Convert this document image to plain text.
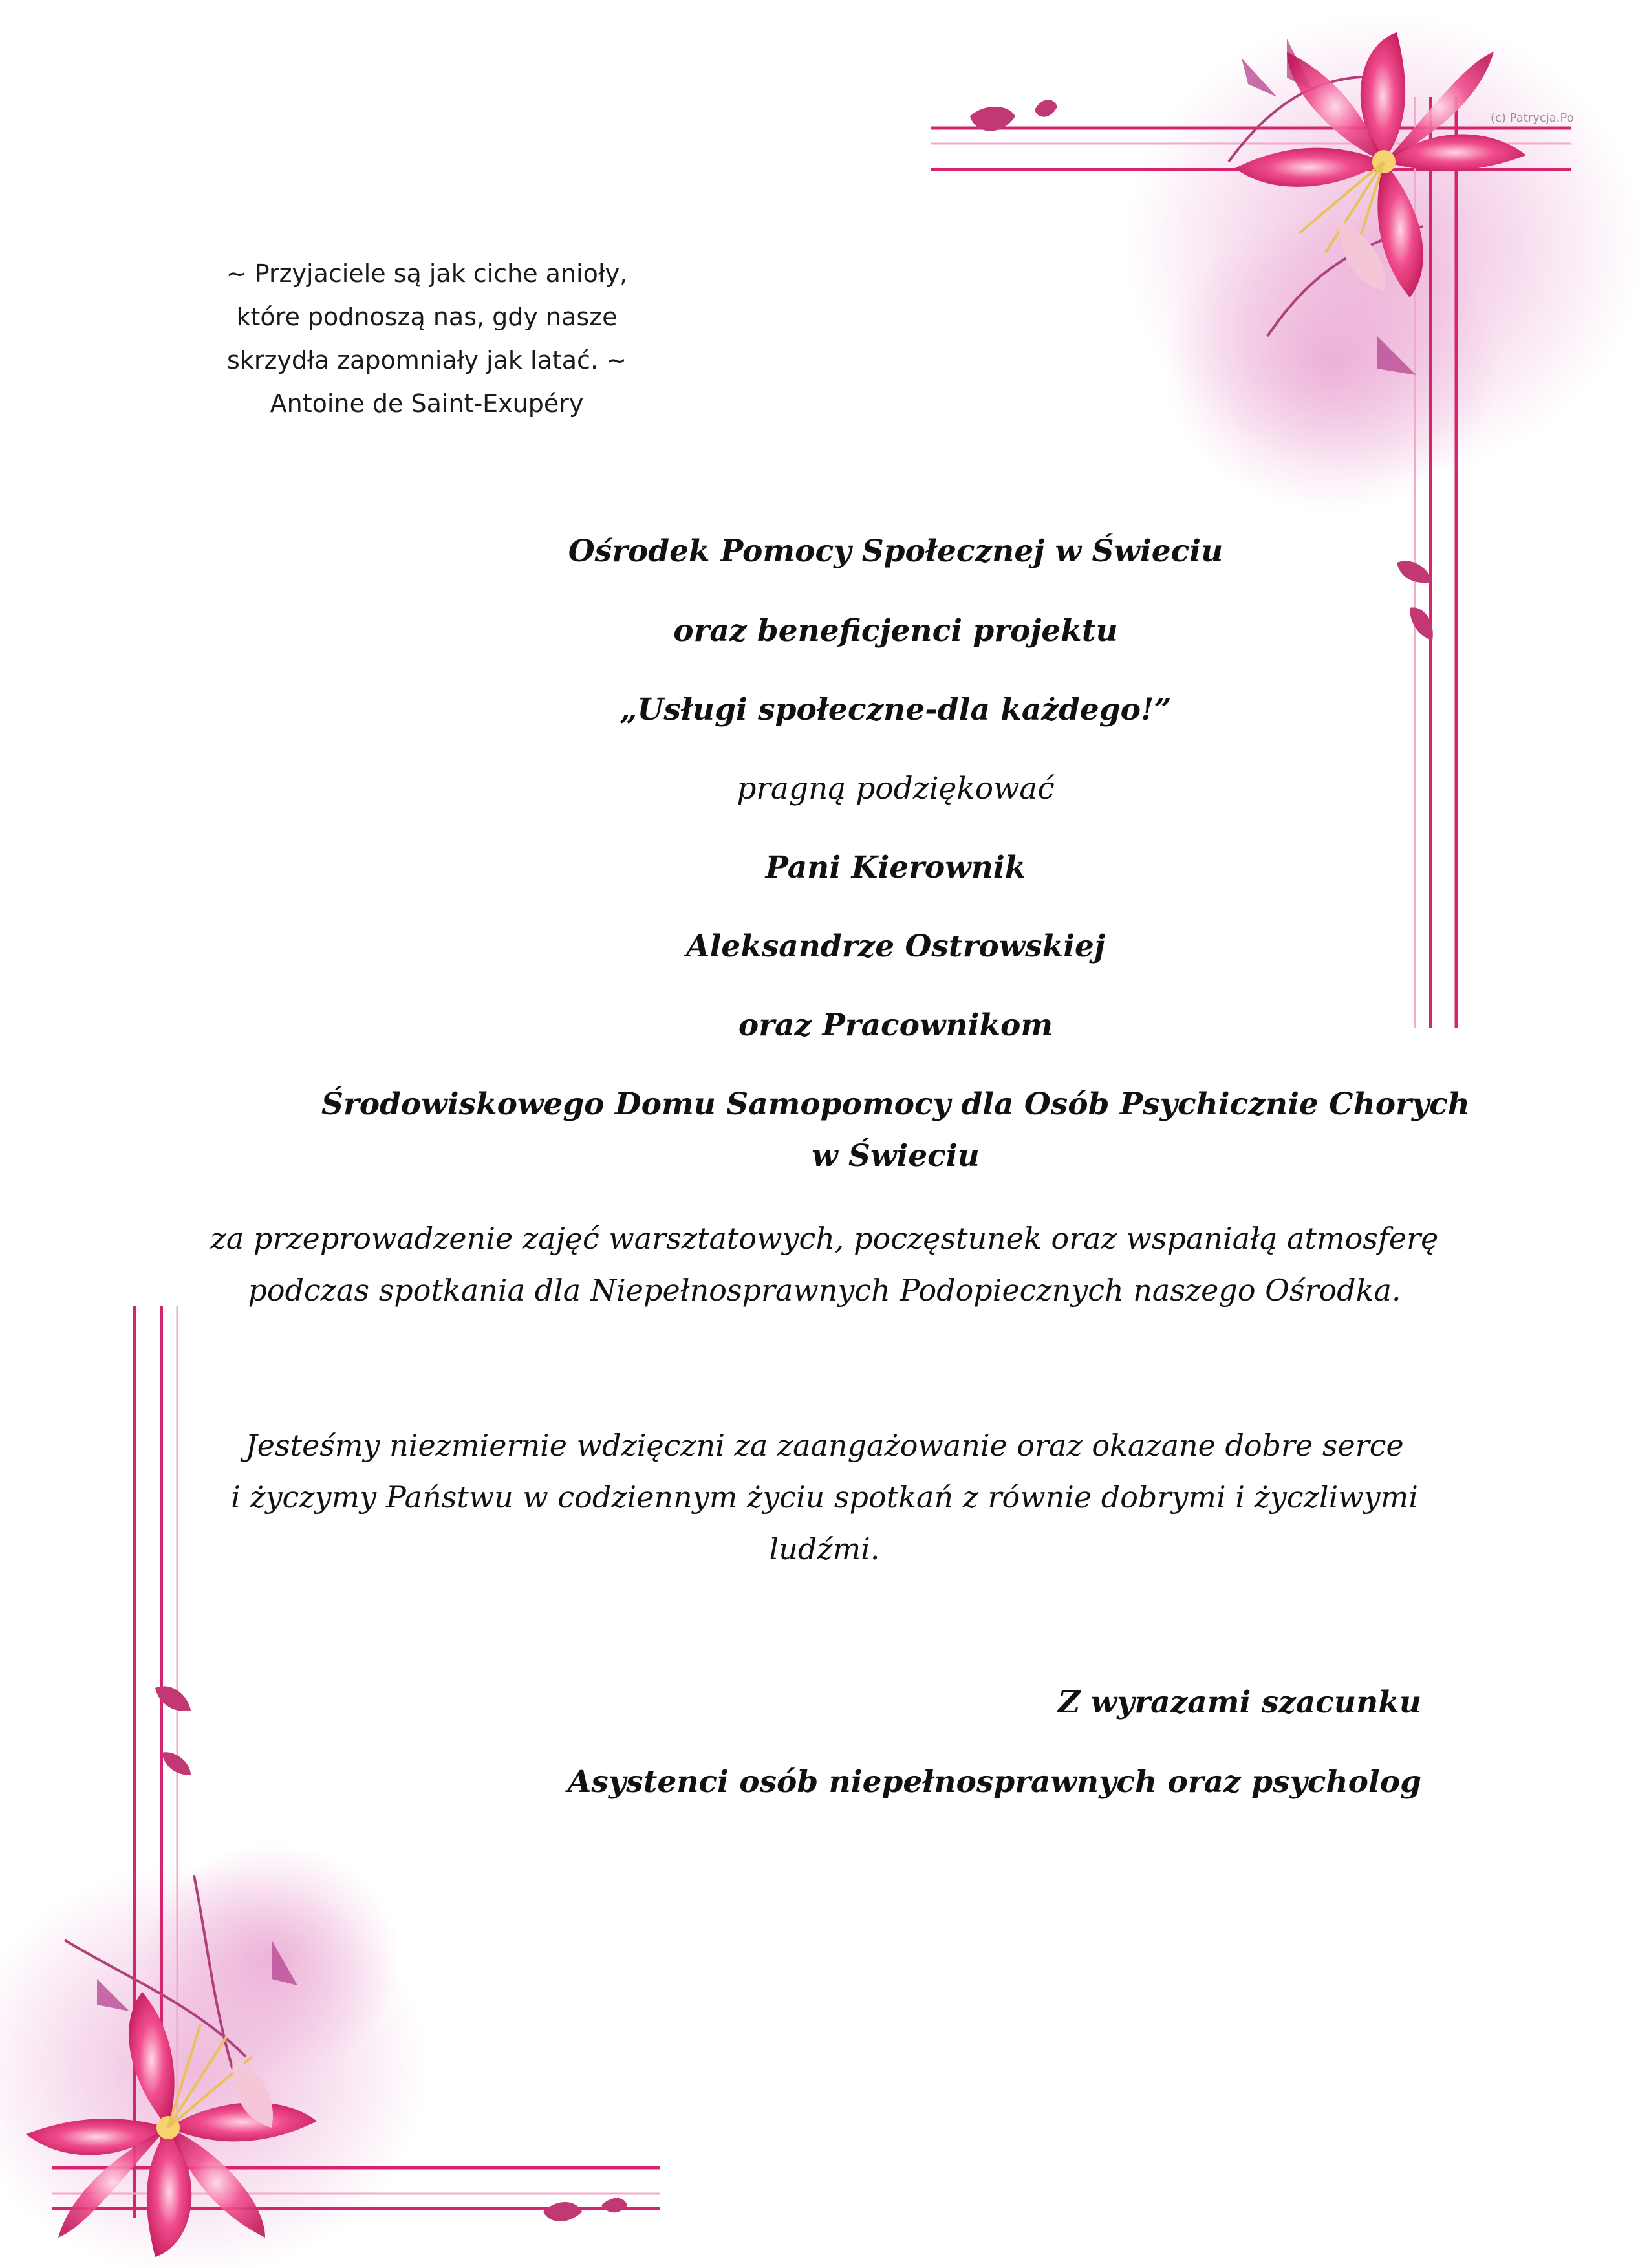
(c) Patrycja.Po
~ Przyjaciele są jak ciche anioły,
które podnoszą nas, gdy nasze
skrzydła zapomniały jak latać. ~
Antoine de Saint-Exupéry
Ośrodek Pomocy Społecznej w Świeciu
oraz beneficjenci projektu
„Usługi społeczne-dla każdego!”
pragną podziękować
Pani Kierownik
Aleksandrze Ostrowskiej
oraz Pracownikom
Środowiskowego Domu Samopomocy dla Osób Psychicznie Chorych
w Świeciu
za przeprowadzenie zajęć warsztatowych, poczęstunek oraz wspaniałą atmosferę
podczas spotkania dla Niepełnosprawnych Podopiecznych naszego Ośrodka.
Jesteśmy niezmiernie wdzięczni za zaangażowanie oraz okazane dobre serce
i życzymy Państwu w codziennym życiu spotkań z równie dobrymi i życzliwymi
ludźmi.
Z wyrazami szacunku
Asystenci osób niepełnosprawnych oraz psycholog
